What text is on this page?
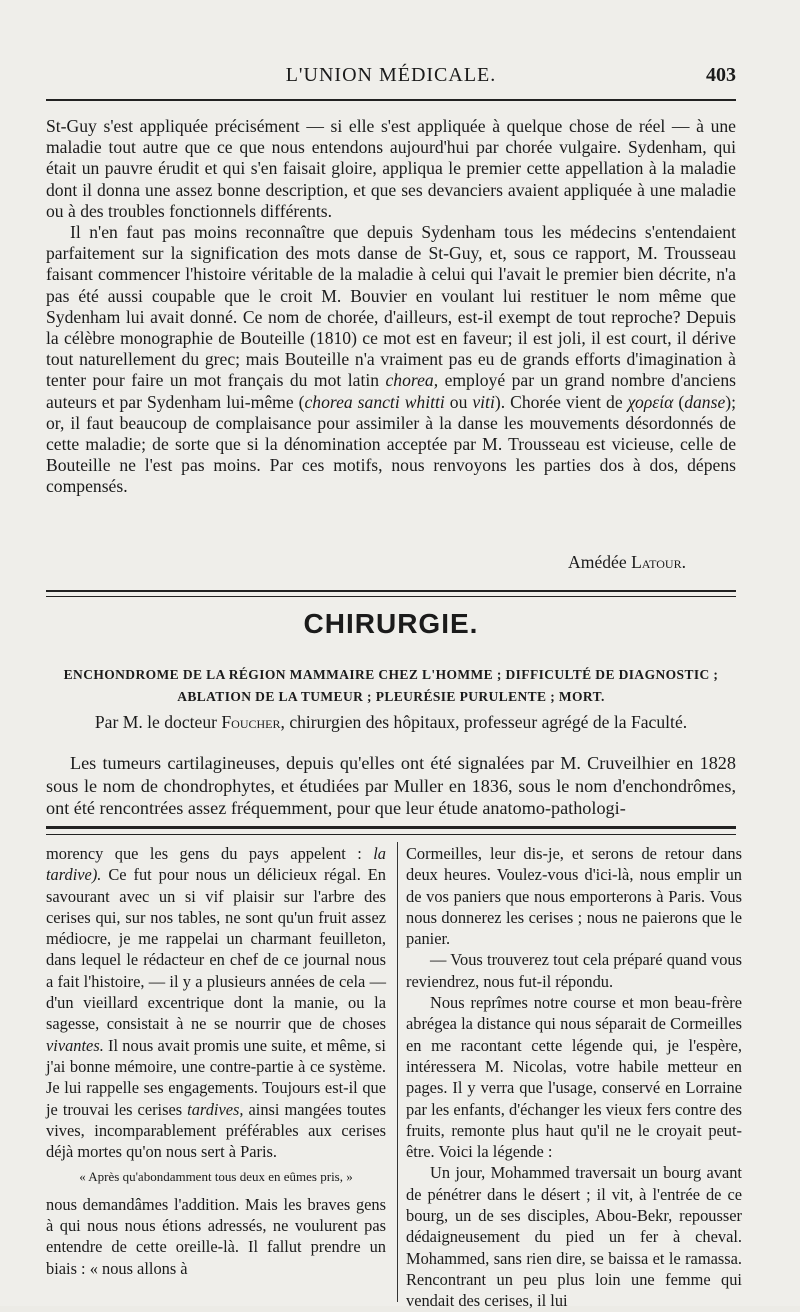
L'UNION MÉDICALE.	403

St-Guy s'est appliquée précisément — si elle s'est appliquée à quelque chose de réel — à une maladie tout autre que ce que nous entendons aujourd'hui par chorée vulgaire. Sydenham, qui était un pauvre érudit et qui s'en faisait gloire, appliqua le premier cette appellation à la maladie dont il donna une assez bonne description, et que ses devanciers avaient appliquée à une maladie ou à des troubles fonctionnels différents.

Il n'en faut pas moins reconnaître que depuis Sydenham tous les médecins s'entendaient parfaitement sur la signification des mots danse de St-Guy, et, sous ce rapport, M. Trousseau faisant commencer l'histoire véritable de la maladie à celui qui l'avait le premier bien décrite, n'a pas été aussi coupable que le croit M. Bouvier en voulant lui restituer le nom même que Sydenham lui avait donné. Ce nom de chorée, d'ailleurs, est-il exempt de tout reproche? Depuis la célèbre monographie de Bouteille (1810) ce mot est en faveur; il est joli, il est court, il dérive tout naturellement du grec; mais Bouteille n'a vraiment pas eu de grands efforts d'imagination à tenter pour faire un mot français du mot latin chorea, employé par un grand nombre d'anciens auteurs et par Sydenham lui-même (chorea sancti whitti ou viti). Chorée vient de χορεία (danse); or, il faut beaucoup de complaisance pour assimiler à la danse les mouvements désordonnés de cette maladie; de sorte que si la dénomination acceptée par M. Trousseau est vicieuse, celle de Bouteille ne l'est pas moins. Par ces motifs, nous renvoyons les parties dos à dos, dépens compensés.

Amédée Latour.
CHIRURGIE.
ENCHONDROME DE LA RÉGION MAMMAIRE CHEZ L'HOMME ; DIFFICULTÉ DE DIAGNOSTIC ;
ABLATION DE LA TUMEUR ; PLEURÉSIE PURULENTE ; MORT.
Par M. le docteur Foucher, chirurgien des hôpitaux, professeur agrégé de la Faculté.

Les tumeurs cartilagineuses, depuis qu'elles ont été signalées par M. Cruveilhier en 1828 sous le nom de chondrophytes, et étudiées par Muller en 1836, sous le nom d'enchondrômes, ont été rencontrées assez fréquemment, pour que leur étude anatomo-pathologi-

morency que les gens du pays appelent : la tardive). Ce fut pour nous un délicieux régal. En savourant avec un si vif plaisir sur l'arbre des cerises qui, sur nos tables, ne sont qu'un fruit assez médiocre, je me rappelai un charmant feuilleton, dans lequel le rédacteur en chef de ce journal nous a fait l'histoire, — il y a plusieurs années de cela — d'un vieillard excentrique dont la manie, ou la sagesse, consistait à ne se nourrir que de choses vivantes. Il nous avait promis une suite, et même, si j'ai bonne mémoire, une contre-partie à ce système. Je lui rappelle ses engagements. Toujours est-il que je trouvai les cerises tardives, ainsi mangées toutes vives, incomparablement préférables aux cerises déjà mortes qu'on nous sert à Paris.

« Après qu'abondamment tous deux en eûmes pris, »

nous demandâmes l'addition. Mais les braves gens à qui nous nous étions adressés, ne voulurent pas entendre de cette oreille-là. Il fallut prendre un biais : « nous allons à

Cormeilles, leur dis-je, et serons de retour dans deux heures. Voulez-vous d'ici-là, nous emplir un de vos paniers que nous emporterons à Paris. Vous nous donnerez les cerises ; nous ne paierons que le panier.

— Vous trouverez tout cela préparé quand vous reviendrez, nous fut-il répondu.

Nous reprîmes notre course et mon beau-frère abrégea la distance qui nous séparait de Cormeilles en me racontant cette légende qui, je l'espère, intéressera M. Nicolas, votre habile metteur en pages. Il y verra que l'usage, conservé en Lorraine par les enfants, d'échanger les vieux fers contre des fruits, remonte plus haut qu'il ne le croyait peut-être. Voici la légende :

Un jour, Mohammed traversait un bourg avant de pénétrer dans le désert ; il vit, à l'entrée de ce bourg, un de ses disciples, Abou-Bekr, repousser dédaigneusement du pied un fer à cheval. Mohammed, sans rien dire, se baissa et le ramassa. Rencontrant un peu plus loin une femme qui vendait des cerises, il lui
